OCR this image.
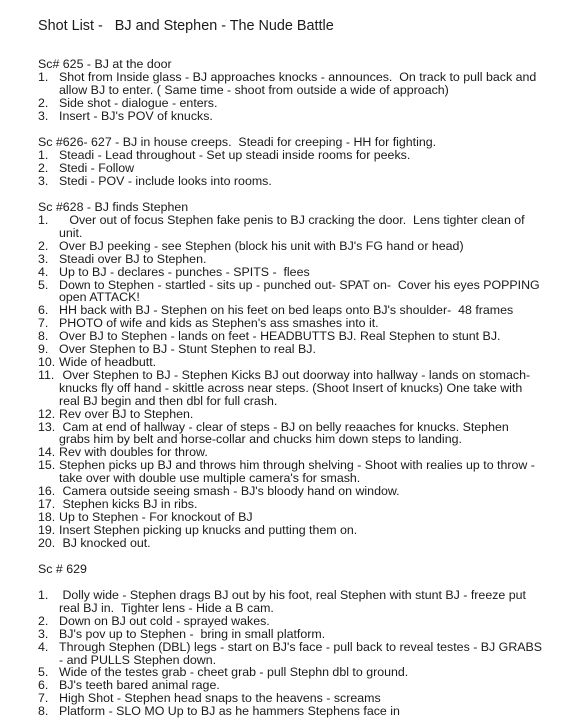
Shot List -   BJ and Stephen - The Nude Battle
Sc# 625 - BJ at the door
1. Shot from Inside glass - BJ approaches knocks - announces.  On track to pull back and allow BJ to enter. ( Same time - shoot from outside a wide of approach)
2. Side shot - dialogue - enters.
3. Insert - BJ's POV of knucks.
Sc #626- 627 - BJ in house creeps.  Steadi for creeping - HH for fighting.
1. Steadi - Lead throughout - Set up steadi inside rooms for peeks.
2. Stedi - Follow
3. Stedi - POV - include looks into rooms.
Sc #628 - BJ finds Stephen
1. Over out of focus Stephen fake penis to BJ cracking the door.  Lens tighter clean of unit.
2. Over BJ peeking - see Stephen (block his unit with BJ's FG hand or head)
3. Steadi over BJ to Stephen.
4. Up to BJ - declares - punches - SPITS -  flees
5. Down to Stephen - startled - sits up - punched out- SPAT on-  Cover his eyes POPPING open ATTACK!
6. HH back with BJ - Stephen on his feet on bed leaps onto BJ's shoulder-  48 frames
7. PHOTO of wife and kids as Stephen's ass smashes into it.
8. Over BJ to Stephen - lands on feet - HEADBUTTS BJ. Real Stephen to stunt BJ.
9. Over Stephen to BJ - Stunt Stephen to real BJ.
10. Wide of headbutt.
11. Over Stephen to BJ - Stephen Kicks BJ out doorway into hallway - lands on stomach- knucks fly off hand - skittle across near steps. (Shoot Insert of knucks) One take with real BJ begin and then dbl for full crash.
12. Rev over BJ to Stephen.
13. Cam at end of hallway - clear of steps - BJ on belly reaaches for knucks. Stephen grabs him by belt and horse-collar and chucks him down steps to landing.
14. Rev with doubles for throw.
15. Stephen picks up BJ and throws him through shelving - Shoot with realies up to throw - take over with double use multiple camera's for smash.
16. Camera outside seeing smash - BJ's bloody hand on window.
17. Stephen kicks BJ in ribs.
18. Up to Stephen - For knockout of BJ
19. Insert Stephen picking up knucks and putting them on.
20. BJ knocked out.
Sc # 629
1. Dolly wide - Stephen drags BJ out by his foot, real Stephen with stunt BJ - freeze put real BJ in.  Tighter lens - Hide a B cam.
2. Down on BJ out cold - sprayed wakes.
3. BJ's pov up to Stephen -  bring in small platform.
4. Through Stephen (DBL) legs - start on BJ's face - pull back to reveal testes - BJ GRABS - and PULLS Stephen down.
5. Wide of the testes grab - cheet grab - pull Stephn dbl to ground.
6. BJ's teeth bared animal rage.
7. High Shot - Stephen head snaps to the heavens - screams
8. Platform - SLO MO Up to BJ as he hammers Stephens face in
